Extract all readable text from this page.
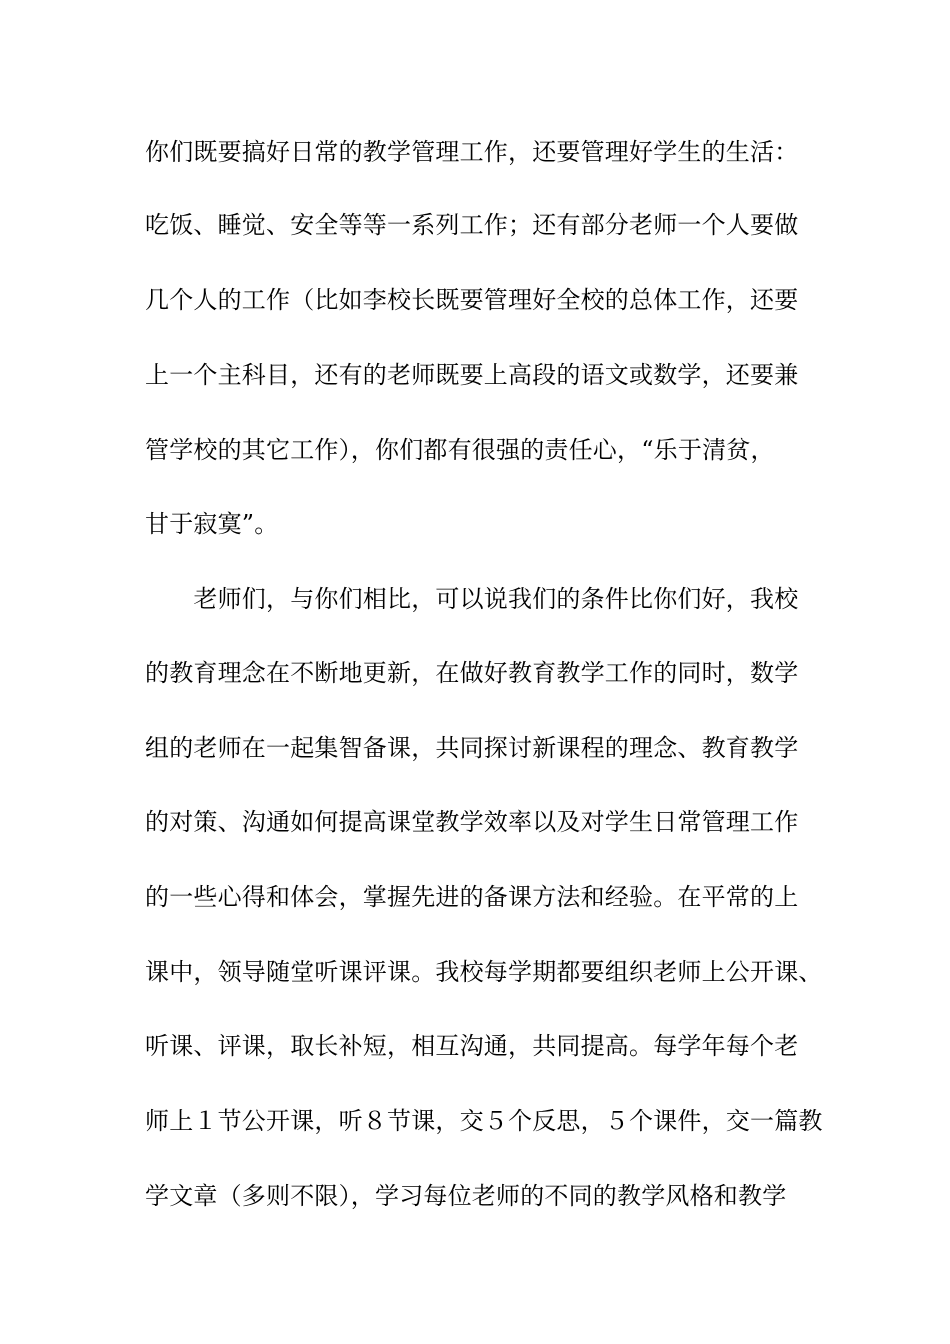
你们既要搞好日常的教学管理工作，还要管理好学生的生活：
吃饭、睡觉、安全等等一系列工作；还有部分老师一个人要做
几个人的工作（比如李校长既要管理好全校的总体工作，还要
上一个主科目，还有的老师既要上高段的语文或数学，还要兼
管学校的其它工作），你们都有很强的责任心，“乐于清贫，
甘于寂寞”。
　　老师们，与你们相比，可以说我们的条件比你们好，我校
的教育理念在不断地更新，在做好教育教学工作的同时，数学
组的老师在一起集智备课，共同探讨新课程的理念、教育教学
的对策、沟通如何提高课堂教学效率以及对学生日常管理工作
的一些心得和体会，掌握先进的备课方法和经验。在平常的上
课中，领导随堂听课评课。我校每学期都要组织老师上公开课、
听课、评课，取长补短，相互沟通，共同提高。每学年每个老
师上１节公开课，听８节课，交５个反思，５个课件，交一篇教
学文章（多则不限），学习每位老师的不同的教学风格和教学
